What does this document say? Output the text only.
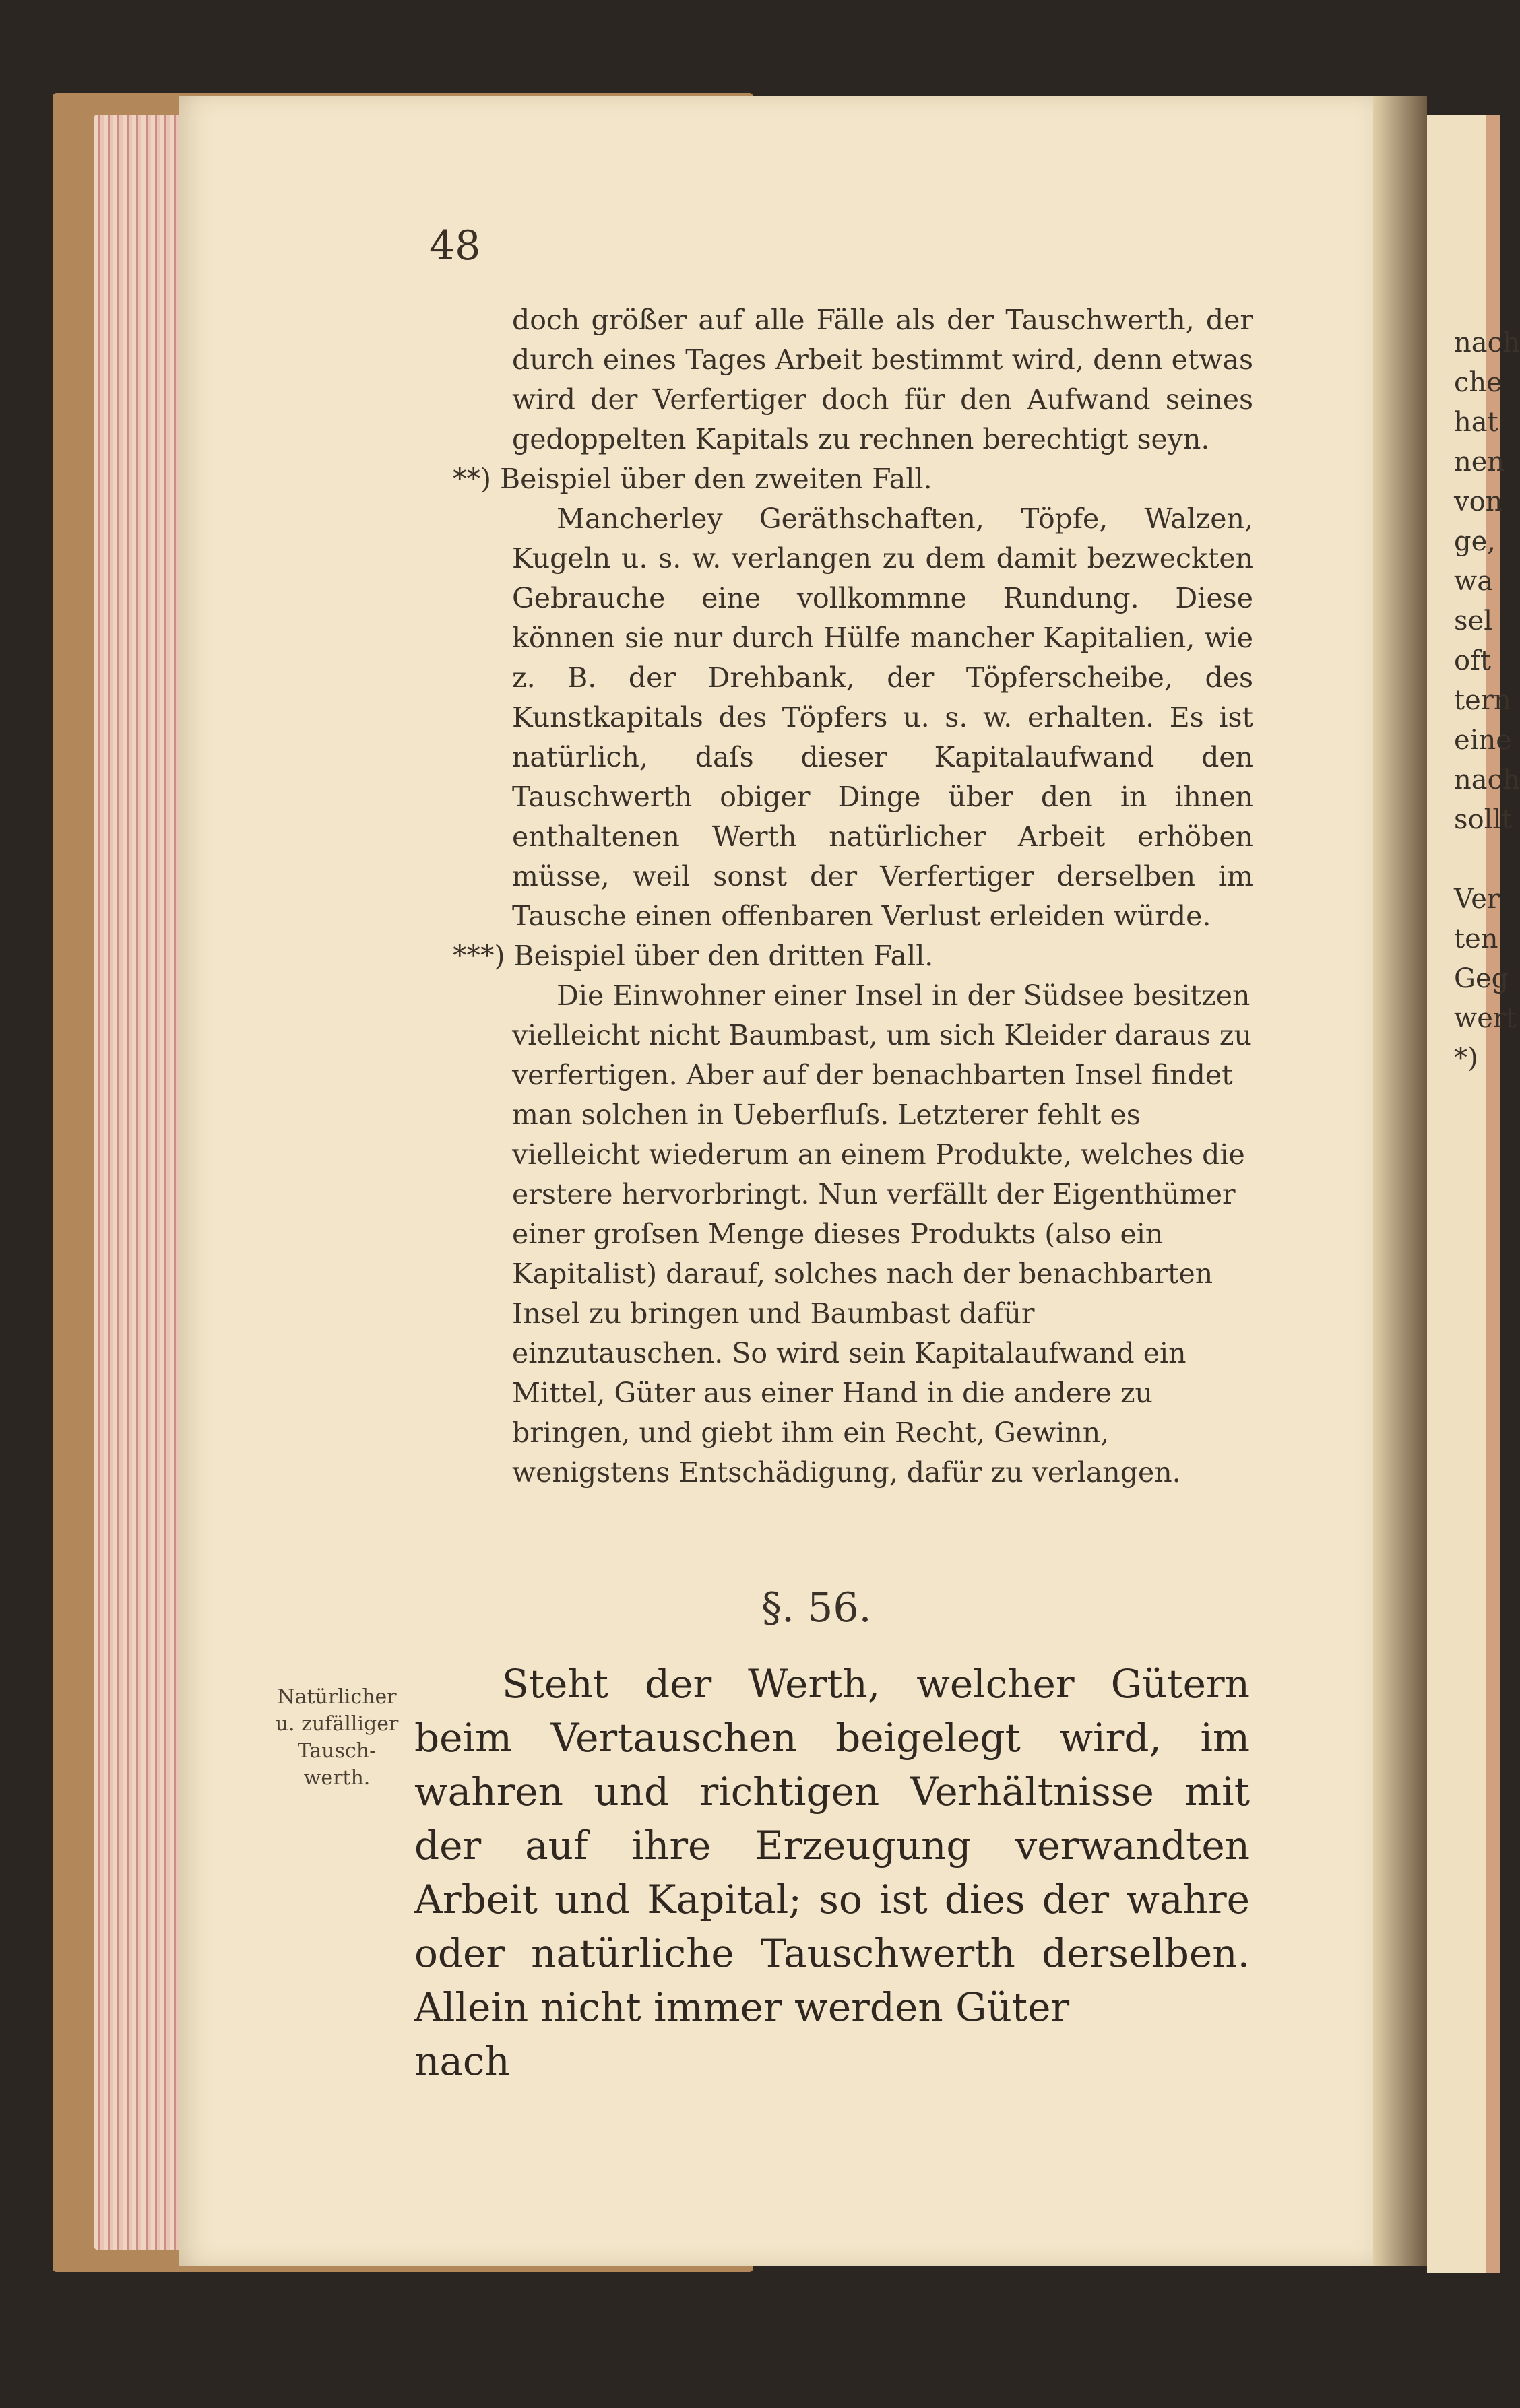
48

doch größer auf alle Fälle als der Tauschwerth, der durch eines Tages Arbeit bestimmt wird, denn etwas wird der Verfertiger doch für den Aufwand seines gedoppelten Kapitals zu rechnen berechtigt seyn.

**) Beispiel über den zweiten Fall.

Mancherley Geräthschaften, Töpfe, Walzen, Kugeln u. s. w. verlangen zu dem damit bezweckten Gebrauche eine vollkommne Rundung. Diese können sie nur durch Hülfe mancher Kapitalien, wie z. B. der Drehbank, der Töpferscheibe, des Kunstkapitals des Töpfers u. s. w. erhalten. Es ist natürlich, daſs dieser Kapitalaufwand den Tauschwerth obiger Dinge über den in ihnen enthaltenen Werth natürlicher Arbeit erhöben müsse, weil sonst der Verfertiger derselben im Tausche einen offenbaren Verlust erleiden würde.

***) Beispiel über den dritten Fall.

Die Einwohner einer Insel in der Südsee besitzen vielleicht nicht Baumbast, um sich Kleider daraus zu verfertigen. Aber auf der benachbarten Insel findet man solchen in Ueberfluſs. Letzterer fehlt es vielleicht wiederum an einem Produkte, welches die erstere hervorbringt. Nun verfällt der Eigenthümer einer groſsen Menge dieses Produkts (also ein Kapitalist) darauf, solches nach der benachbarten Insel zu bringen und Baumbast dafür einzutauschen. So wird sein Kapitalaufwand ein Mittel, Güter aus einer Hand in die andere zu bringen, und giebt ihm ein Recht, Gewinn, wenigstens Entschädigung, dafür zu verlangen.

§. 56.
Natürlicher
u. zufälliger
Tausch-
werth.

Steht der Werth, welcher Gütern beim Vertauschen beigelegt wird, im wahren und richtigen Verhältnisse mit der auf ihre Erzeugung verwandten Arbeit und Kapital; so ist dies der wahre oder natürliche Tauschwerth derselben. Allein nicht immer werden Güter

nach

nach
che
hat
nen
von
ge,
wa
sel
oft
tern
eine
nach
sollt

Ver
ten
Geg
wert
*)
